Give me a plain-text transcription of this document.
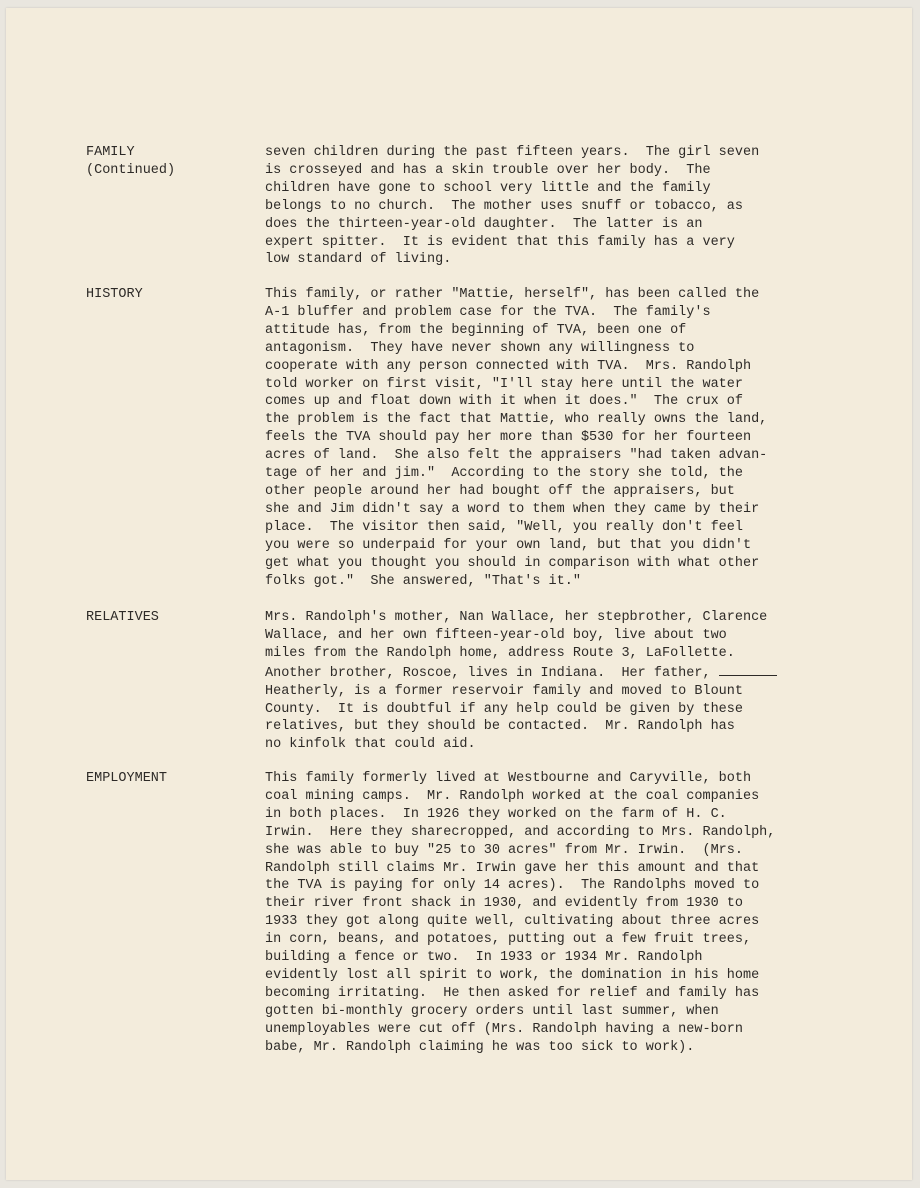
FAMILY
(Continued)
seven children during the past fifteen years.  The girl seven
is crosseyed and has a skin trouble over her body.  The
children have gone to school very little and the family
belongs to no church.  The mother uses snuff or tobacco, as
does the thirteen-year-old daughter.  The latter is an
expert spitter.  It is evident that this family has a very
low standard of living.
HISTORY	This family, or rather "Mattie, herself", has been called the
A-1 bluffer and problem case for the TVA.  The family's
attitude has, from the beginning of TVA, been one of
antagonism.  They have never shown any willingness to
cooperate with any person connected with TVA.  Mrs. Randolph
told worker on first visit, "I'll stay here until the water
comes up and float down with it when it does."  The crux of
the problem is the fact that Mattie, who really owns the land,
feels the TVA should pay her more than $530 for her fourteen
acres of land.  She also felt the appraisers "had taken advan-
tage of her and jim."  According to the story she told, the
other people around her had bought off the appraisers, but
she and Jim didn't say a word to them when they came by their
place.  The visitor then said, "Well, you really don't feel
you were so underpaid for your own land, but that you didn't
get what you thought you should in comparison with what other
folks got."  She answered, "That's it."
RELATIVES	Mrs. Randolph's mother, Nan Wallace, her stepbrother, Clarence
Wallace, and her own fifteen-year-old boy, live about two
miles from the Randolph home, address Route 3, LaFollette.
Another brother, Roscoe, lives in Indiana.  Her father,
Heatherly, is a former reservoir family and moved to Blount
County.  It is doubtful if any help could be given by these
relatives, but they should be contacted.  Mr. Randolph has
no kinfolk that could aid.
EMPLOYMENT	This family formerly lived at Westbourne and Caryville, both
coal mining camps.  Mr. Randolph worked at the coal companies
in both places.  In 1926 they worked on the farm of H. C.
Irwin.  Here they sharecropped, and according to Mrs. Randolph,
she was able to buy "25 to 30 acres" from Mr. Irwin.  (Mrs.
Randolph still claims Mr. Irwin gave her this amount and that
the TVA is paying for only 14 acres).  The Randolphs moved to
their river front shack in 1930, and evidently from 1930 to
1933 they got along quite well, cultivating about three acres
in corn, beans, and potatoes, putting out a few fruit trees,
building a fence or two.  In 1933 or 1934 Mr. Randolph
evidently lost all spirit to work, the domination in his home
becoming irritating.  He then asked for relief and family has
gotten bi-monthly grocery orders until last summer, when
unemployables were cut off (Mrs. Randolph having a new-born
babe, Mr. Randolph claiming he was too sick to work).
